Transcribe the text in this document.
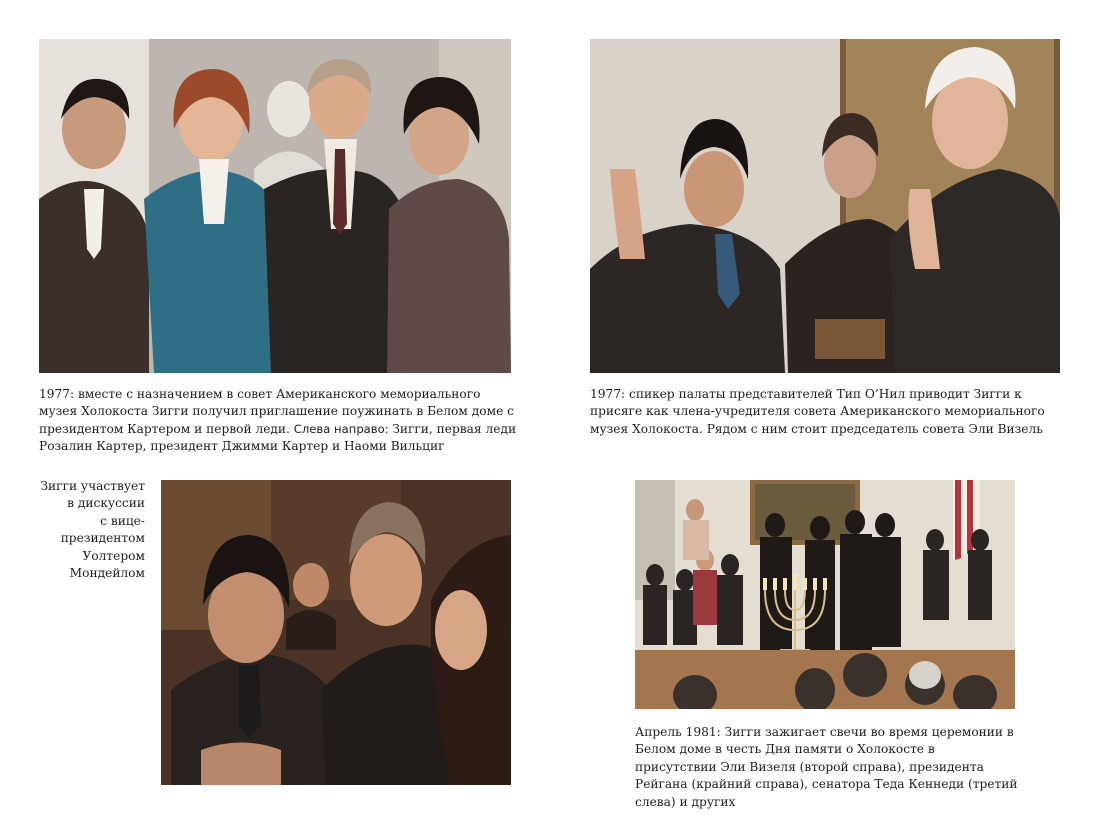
1977: вместе с назначением в совет Американского мемориального музея Холокоста Зигги получил приглашение поужинать в Белом доме с президентом Картером и первой леди. Слева направо: Зигги, первая леди Розалин Картер, президент Джимми Картер и Наоми Вильциг

1977: спикер палаты представителей Тип О’Нил приводит Зигги к присяге как члена-учредителя совета Американского мемориального музея Холокоста. Рядом с ним стоит председатель совета Эли Визель

Зигги участвует
в дискуссии
с вице-
президентом
Уолтером
Мондейлом

Апрель 1981: Зигги зажигает свечи во время церемонии в Белом доме в честь Дня памяти о Холокосте в присутствии Эли Визеля (второй справа), президента Рейгана (крайний справа), сенатора Теда Кеннеди (третий слева) и других
